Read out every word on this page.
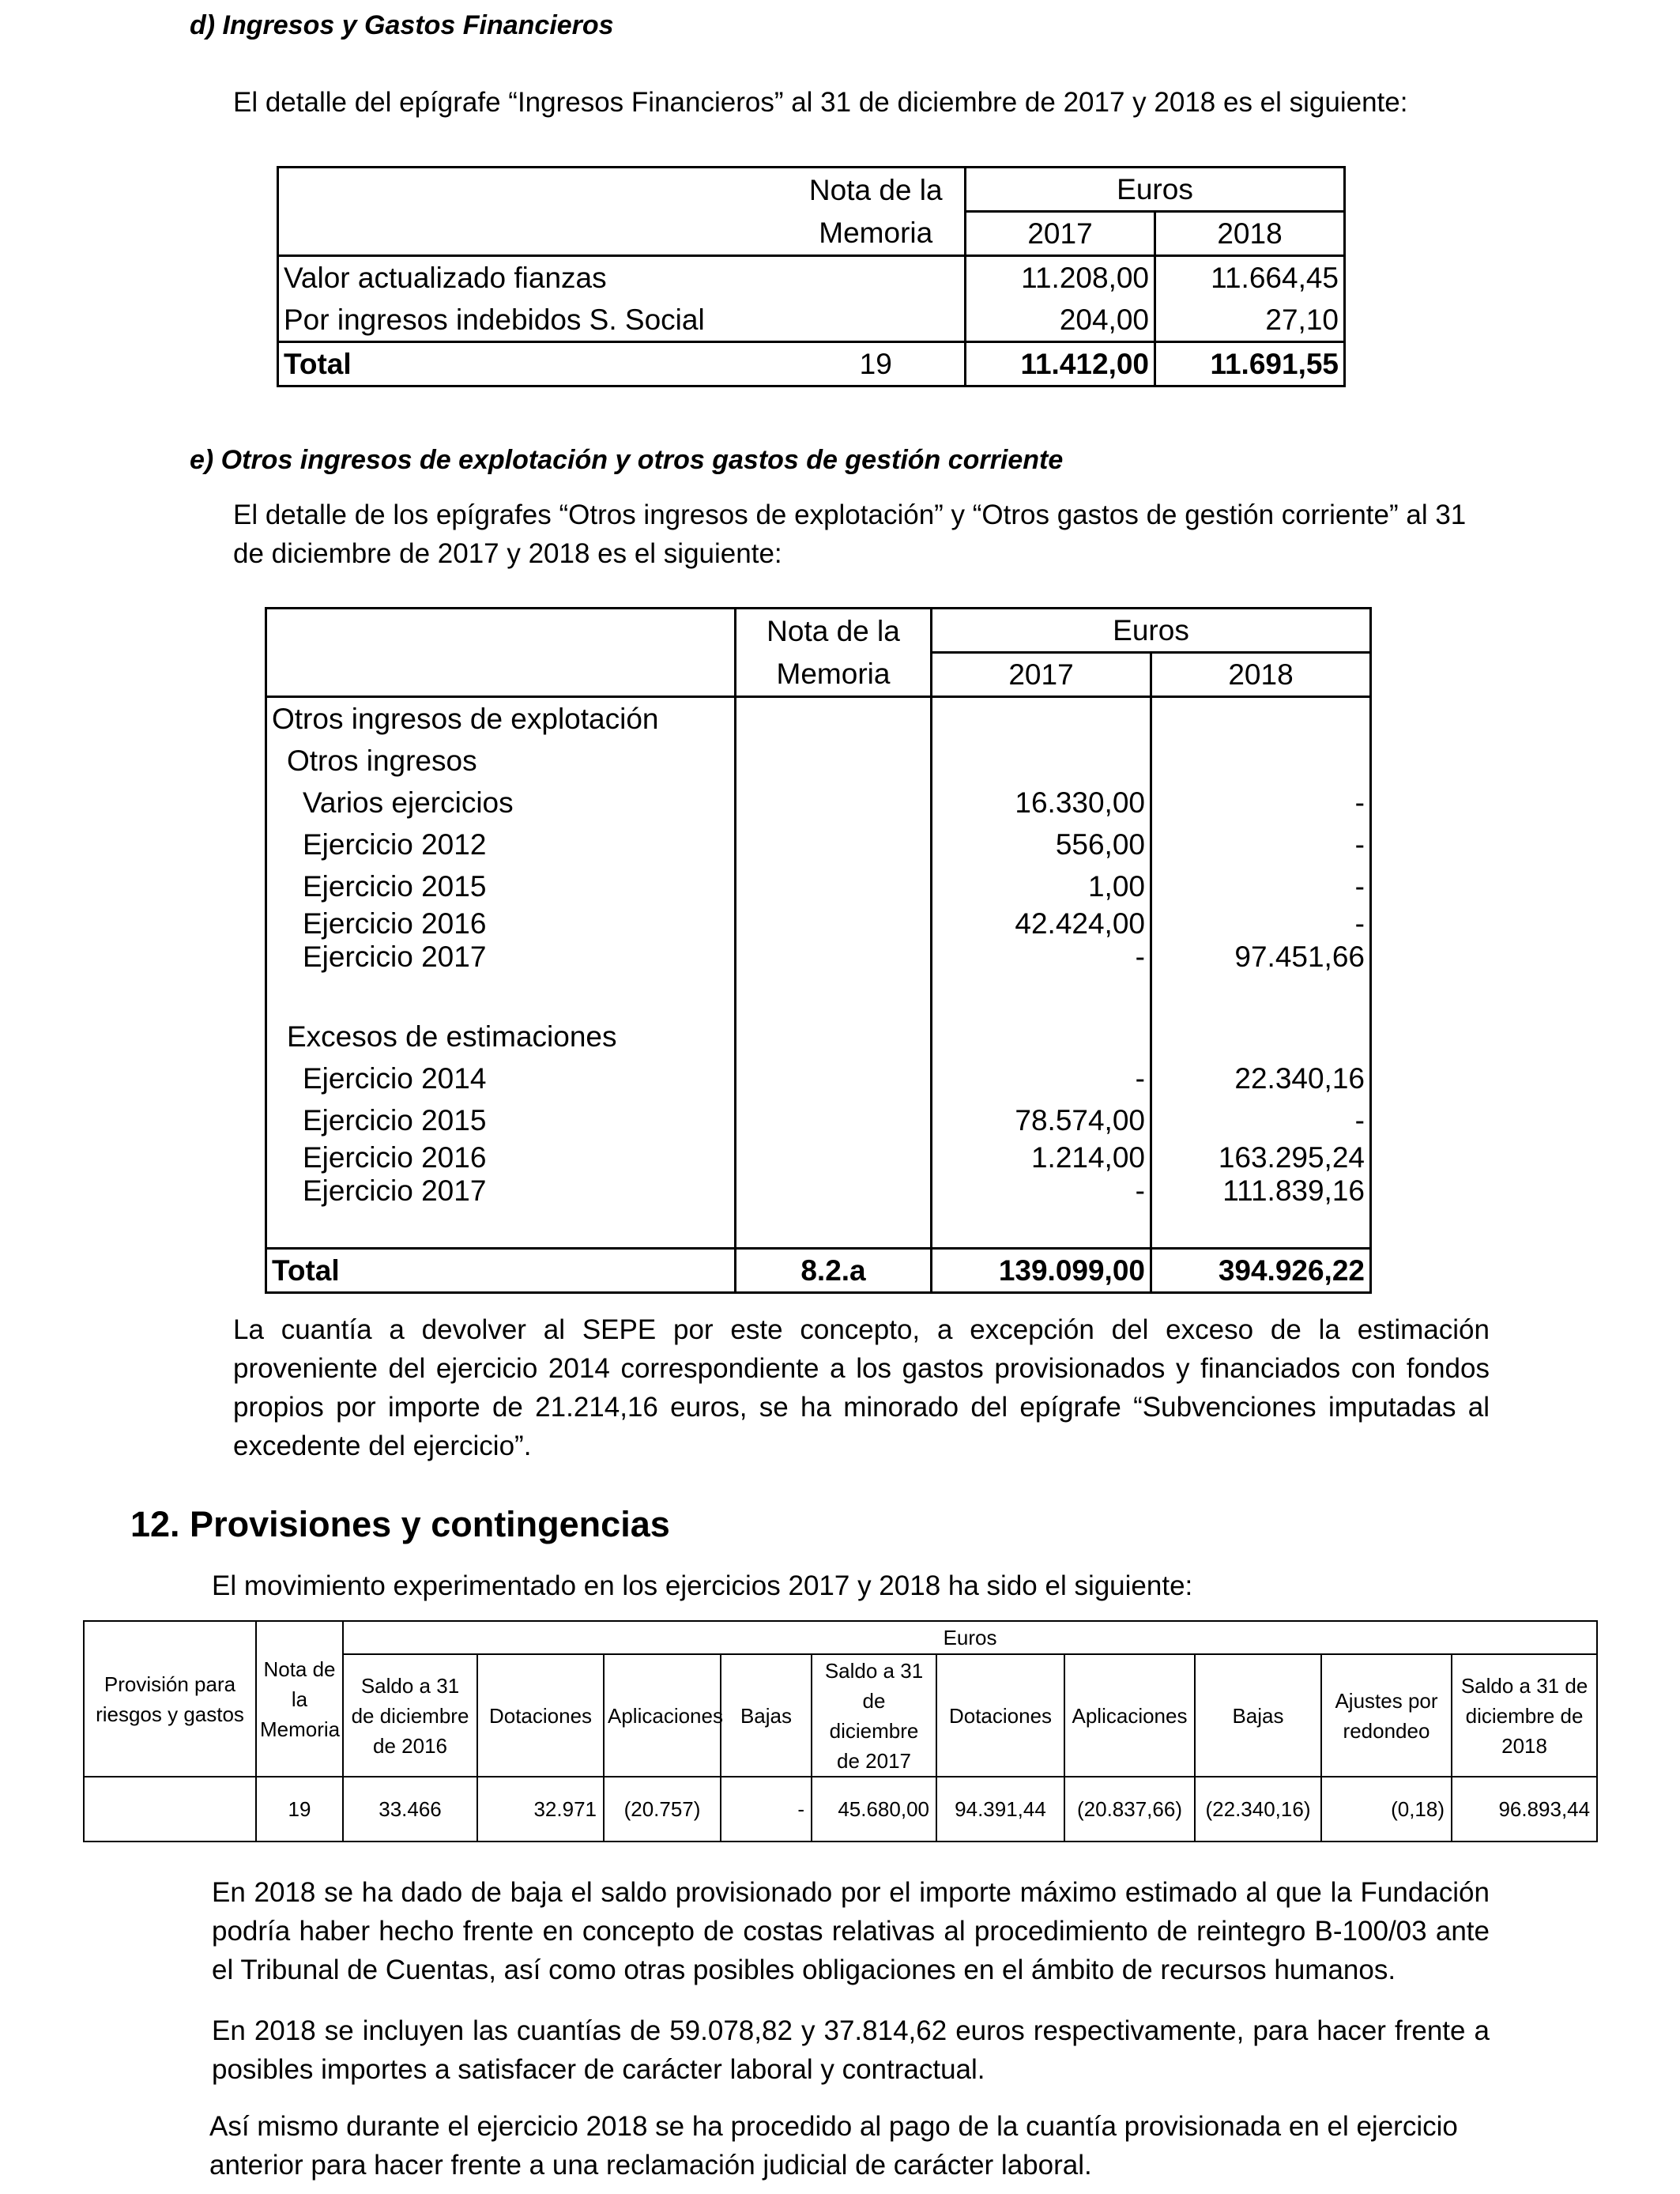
d) Ingresos y Gastos Financieros
El detalle del epígrafe “Ingresos Financieros” al 31 de diciembre de 2017 y 2018 es el siguiente:
	Nota de la	Euros	
	Memoria	2017	2018
Valor actualizado fianzas		11.208,00	11.664,45
Por ingresos indebidos S. Social		204,00	27,10
Total	19	11.412,00	11.691,55
e) Otros ingresos de explotación y otros gastos de gestión corriente
El detalle de los epígrafes “Otros ingresos de explotación” y “Otros gastos de gestión corriente” al 31 de diciembre de 2017 y 2018 es el siguiente:
	Nota de la	Euros	
	Memoria	2017	2018
Otros ingresos de explotación			
Otros ingresos			
Varios ejercicios		16.330,00	-
Ejercicio 2012		556,00	-
Ejercicio 2015		1,00	-
Ejercicio 2016		42.424,00	-
Ejercicio 2017		-	97.451,66

Excesos de estimaciones			
Ejercicio 2014		-	22.340,16
Ejercicio 2015		78.574,00	-
Ejercicio 2016		1.214,00	163.295,24
Ejercicio 2017		-	111.839,16

Total	8.2.a	139.099,00	394.926,22
La cuantía a devolver al SEPE por este concepto, a excepción del exceso de la estimación proveniente del ejercicio 2014 correspondiente a los gastos provisionados y financiados con fondos propios por importe de 21.214,16 euros, se ha minorado del epígrafe “Subvenciones imputadas al excedente del ejercicio”.
12. Provisiones y contingencias
El movimiento experimentado en los ejercicios 2017 y 2018 ha sido el siguiente:
Provisión para riesgos y gastos	Nota de la Memoria	Euros									
		Saldo a 31 de diciembre de 2016	Dotaciones	Aplicaciones	Bajas	Saldo a 31 de diciembre de 2017	Dotaciones	Aplicaciones	Bajas	Ajustes por redondeo	Saldo a 31 de diciembre de 2018
	19	33.466	32.971	(20.757)	-	45.680,00	94.391,44	(20.837,66)	(22.340,16)	(0,18)	96.893,44
En 2018 se ha dado de baja el saldo provisionado por el importe máximo estimado al que la Fundación podría haber hecho frente en concepto de costas relativas al procedimiento de reintegro B-100/03 ante el Tribunal de Cuentas, así como otras posibles obligaciones en el ámbito de recursos humanos.
En 2018 se incluyen las cuantías de 59.078,82 y 37.814,62 euros respectivamente, para hacer frente a posibles importes a satisfacer de carácter laboral y contractual.
Así mismo durante el ejercicio 2018 se ha procedido al pago de la cuantía provisionada en el ejercicio anterior para hacer frente a una reclamación judicial de carácter laboral.
